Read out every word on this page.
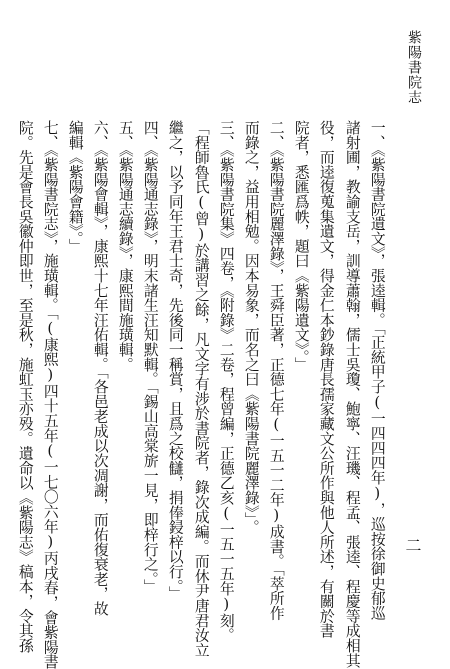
紫陽書院志
一、《紫陽書院遺文》，張逵輯。「正統甲子(一四四四年)，巡按徐御史郁巡
諸射圃，教諭支岳，訓導蕭翰，儒士吳瓊、鮑寧、汪璣、程孟、張逵、程慶等成相其
役，而逵復蒐集遺文，得金仁本鈔錄唐長孺家藏文公所作與他人所述，有關於書
院者，悉匯爲帙，題曰《紫陽遺文》。」
二、《紫陽書院麗澤錄》，王舜臣著，正德七年(一五一二年)成書。「萃所作
而錄之，益用相勉。因本易象，而名之曰《紫陽書院麗澤錄》」。
三、《紫陽書院集》四卷，《附錄》二卷，程曾編，正德乙亥(一五一五年)刻。
「程師魯氏(曾)於講習之餘，凡文字有涉於書院者，錄次成編。而休尹唐君汝立
繼之，以予同年王君士奇，先後同一稱賞，且爲之校讎，捐俸鋟梓以行。」
四、《紫陽通志錄》，明末諸生汪知默輯。「錫山高棠旂一見，即梓行之。」
五、《紫陽通志續錄》，康熙間施璜輯。
六、《紫陽會輯》，康熙十七年汪佑輯。「各邑老成以次凋謝，而佑復衰老，故
編輯《紫陽會籍》。」
七、《紫陽書院志》，施璜輯。「(康熙)四十五年(一七〇六年)丙戌春，會紫陽書
院。先是會長吳徽仲即世，至是秋，施虹玉亦殁。遺命以《紫陽志》稿本，令其孫	二
